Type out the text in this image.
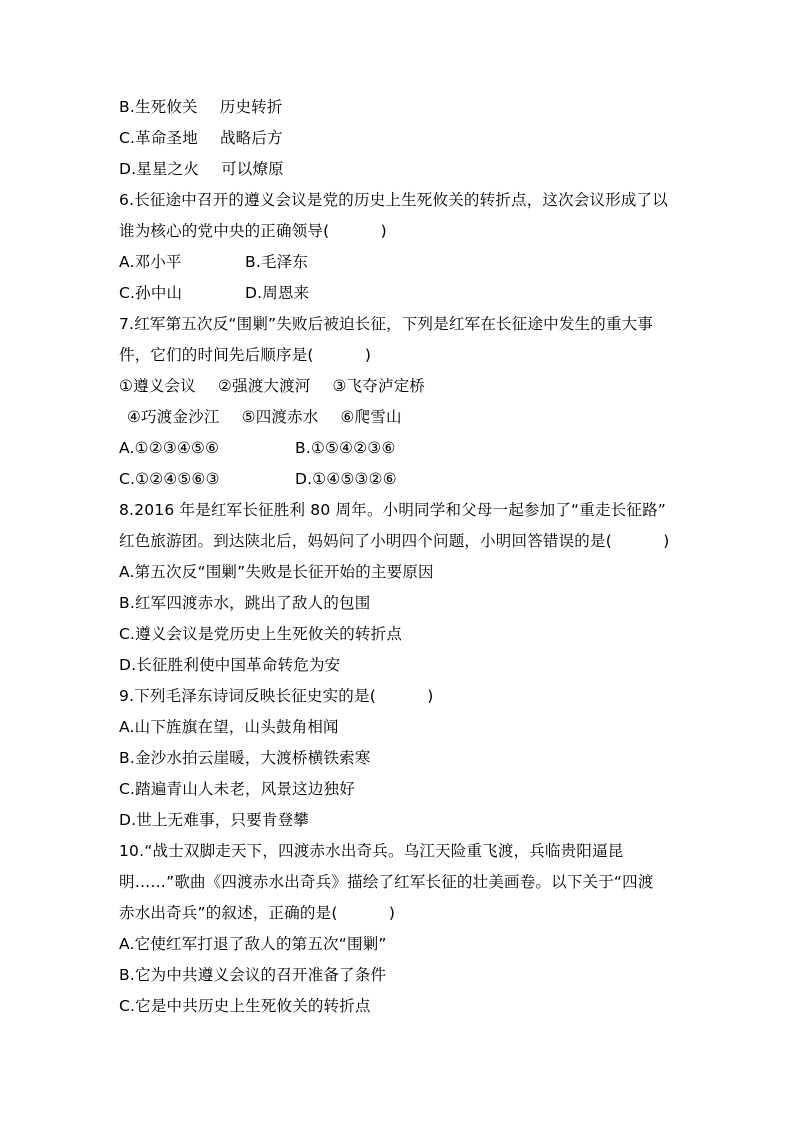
B.生死攸关 历史转折
C.革命圣地 战略后方
D.星星之火 可以燎原
6.长征途中召开的遵义会议是党的历史上生死攸关的转折点，这次会议形成了以
谁为核心的党中央的正确领导(          )
A.邓小平	B.毛泽东
C.孙中山	D.周恩来
7.红军第五次反“围剿”失败后被迫长征，下列是红军在长征途中发生的重大事
件，它们的时间先后顺序是(          )
①遵义会议 ②强渡大渡河 ③飞夺泸定桥
④巧渡金沙江 ⑤四渡赤水 ⑥爬雪山
A.①②③④⑤⑥	B.①⑤④②③⑥
C.①②④⑤⑥③	D.①④⑤③②⑥
8.2016 年是红军长征胜利 80 周年。小明同学和父母一起参加了“重走长征路”
红色旅游团。到达陕北后，妈妈问了小明四个问题，小明回答错误的是(          )
A.第五次反“围剿”失败是长征开始的主要原因
B.红军四渡赤水，跳出了敌人的包围
C.遵义会议是党历史上生死攸关的转折点
D.长征胜利使中国革命转危为安
9.下列毛泽东诗词反映长征史实的是(          )
A.山下旌旗在望，山头鼓角相闻
B.金沙水拍云崖暖，大渡桥横铁索寒
C.踏遍青山人未老，风景这边独好
D.世上无难事，只要肯登攀
10.“战士双脚走天下，四渡赤水出奇兵。乌江天险重飞渡，兵临贵阳逼昆
明……”歌曲《四渡赤水出奇兵》描绘了红军长征的壮美画卷。以下关于“四渡
赤水出奇兵”的叙述，正确的是(          )
A.它使红军打退了敌人的第五次“围剿”
B.它为中共遵义会议的召开准备了条件
C.它是中共历史上生死攸关的转折点
